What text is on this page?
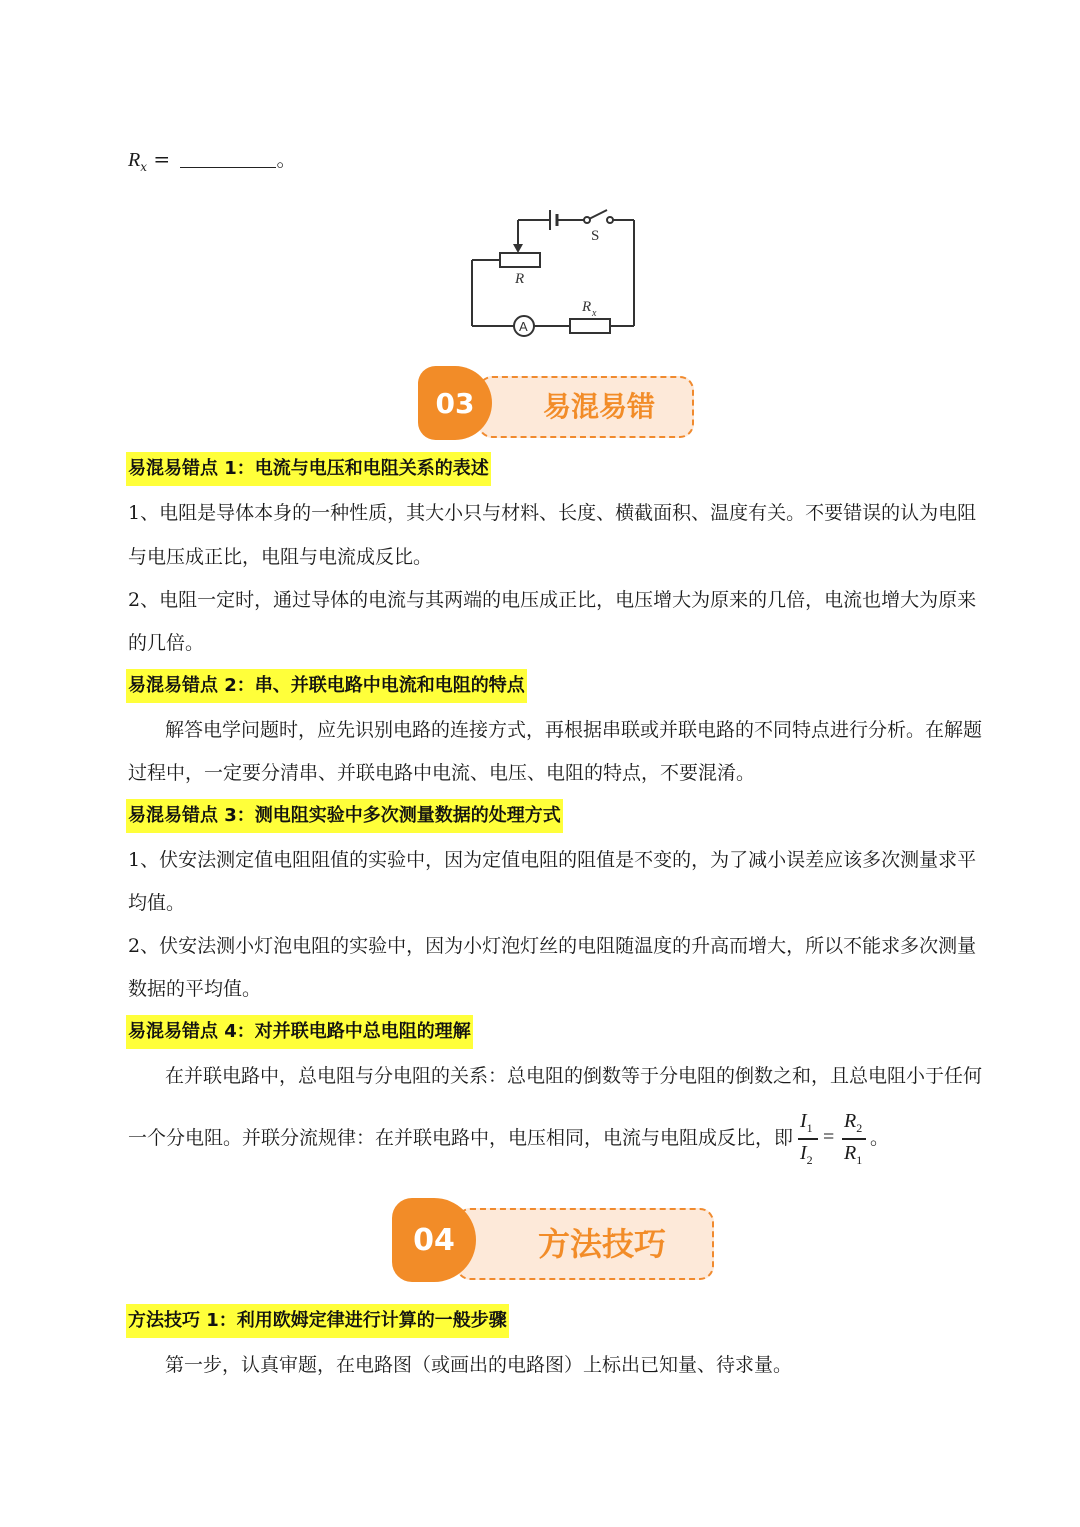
$R_x$ =	。
S
R
A
R x
03	易混易错
易混易错点 1：电流与电压和电阻关系的表述
1、电阻是导体本身的一种性质，其大小只与材料、长度、横截面积、温度有关。不要错误的认为电阻
与电压成正比，电阻与电流成反比。
2、电阻一定时，通过导体的电流与其两端的电压成正比，电压增大为原来的几倍，电流也增大为原来
的几倍。
易混易错点 2：串、并联电路中电流和电阻的特点
解答电学问题时，应先识别电路的连接方式，再根据串联或并联电路的不同特点进行分析。在解题
过程中，一定要分清串、并联电路中电流、电压、电阻的特点，不要混淆。
易混易错点 3：测电阻实验中多次测量数据的处理方式
1、伏安法测定值电阻阻值的实验中，因为定值电阻的阻值是不变的，为了减小误差应该多次测量求平
均值。
2、伏安法测小灯泡电阻的实验中，因为小灯泡灯丝的电阻随温度的升高而增大，所以不能求多次测量
数据的平均值。
易混易错点 4：对并联电路中总电阻的理解
在并联电路中，总电阻与分电阻的关系：总电阻的倒数等于分电阻的倒数之和，且总电阻小于任何
一个分电阻。并联分流规律：在并联电路中，电压相同，电流与电阻成反比，即
$I_1$
$I_2$
=
$R_2$
$R_1$
。
04	方法技巧
方法技巧 1：利用欧姆定律进行计算的一般步骤
第一步，认真审题，在电路图（或画出的电路图）上标出已知量、待求量。
